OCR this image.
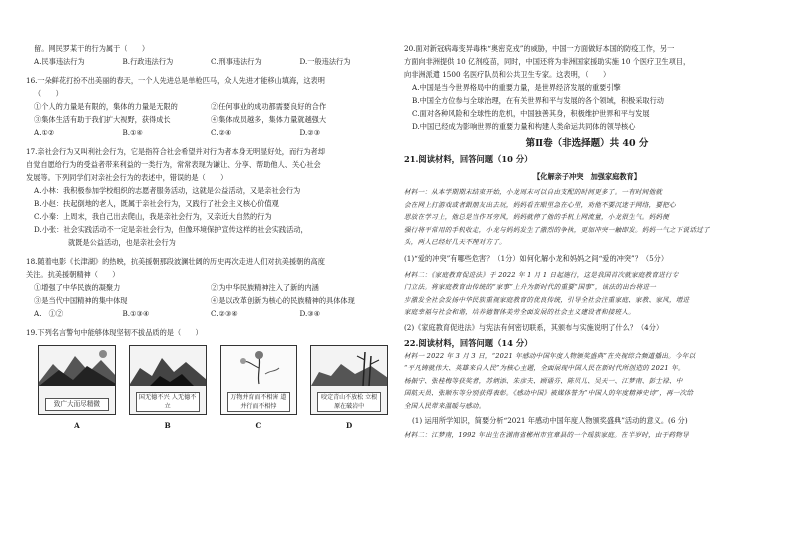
留。网民罗某干的行为属于（　　）
A.民事违法行为	B.行政违法行为	C.刑事违法行为	D.一般违法行为
16.一朵鲜花打扮不出美丽的春天，一个人先进总是单枪匹马，众人先进才能移山填海，这表明
（　　）
①个人的力量是有限的，集体的力量是无限的	②任何事业的成功都需要良好的合作
③集体生活有助于我们扩大视野，获得成长	④集体成员越多，集体力量就越强大
A.①②	B.①④	C.②④	D.②③
17.亲社会行为又叫利社会行为，它是指符合社会希望并对行为者本身无明显好处，而行为者却
自觉自愿给行为的受益者带来利益的一类行为，常常表现为谦让、分享、帮助他人、关心社会
发展等。下列同学们对亲社会行为的表述中，错误的是（　　）
A.小林：我积极参加学校组织的志愿者服务活动，这就是公益活动，又是亲社会行为
B.小赵：扶起倒地的老人，既属于亲社会行为，又践行了社会主义核心价值观
C.小秦：上周末，我自己出去爬山，我是亲社会行为，又亲近大自然的行为
D.小张：社会实践活动不一定是亲社会行为，但像环境保护宣传这样的社会实践活动，
就既是公益活动，也是亲社会行为
18.随着电影《长津湖》的热映，抗美援朝那段波澜壮阔的历史再次走进人们对抗美援朝的高度
关注。抗美援朝精神（　　）
①增强了中华民族的凝聚力	②为中华民族精神注入了新的内涵
③是当代中国精神的集中体现	④是以改革创新为核心的民族精神的具体体现
A.　①②	B.①③④	C.②③④	D.③④
19.下列名言警句中能够体现坚韧不拔品质的是（　　）
致广大而尽精微
国无德不兴 人无德不立
万物并育而不相害 道并行而不相悖
咬定青山不放松 立根原在破岩中
A	B	C	D
20.面对新冠病毒变异毒株“奥密克戎”的威胁，中国一方面做好本国的防疫工作，另一
方面向非洲提供 10 亿剂疫苗，同时，中国还将为非洲国家援助实施 10 个医疗卫生项目，
向非洲派遣 1500 名医疗队员和公共卫生专家。这表明，（　　）
A.中国是当今世界格局中的重要力量，是世界经济发展的重要引擎
B.中国全方位参与全球治理，在有关世界和平与发展的各个领域，积极采取行动
C.面对各种风险和全球性的危机，中国独善其身，积极维护世界和平与发展
D.中国已经成为影响世界的重要力量和构建人类命运共同体的领导核心
第Ⅱ卷（非选择题）共 40 分
21.阅读材料，回答问题（10 分）
【化解亲子冲突　加强家庭教育】
材料一：从本学期期末结束开始，小龙周末可以自由支配的时间更多了。一有时间他就
会在网上打游戏或者跟朋友出去玩，妈妈看在眼里急在心里，劝他不要沉迷于网络，要把心
思放在学习上，他总是当作耳旁风，妈妈就停了他的手机上网流量，小龙很生气。妈妈便
强行将平常用的手机收走，小龙与妈妈发生了激烈的争执，更加冲突一触即发。妈妈一气之下说话过了
头，两人已经好几天不理对方了。
(1)“爱的冲突”有哪些危害？（1分）如何化解小龙和妈妈之间“爱的冲突”？（5分）
材料二：《家庭教育促进法》于 2022 年 1 月 1 日起施行，这是我国首次就家庭教育进行专
门立法。将家庭教育由传统的“家事”上升为新时代的重要“国事”，该法的出台将进一
步激发全社会发扬中华民族重视家庭教育的优良传统，引导全社会注重家庭、家教、家风，增进
家庭幸福与社会和谐，培养德智体美劳全面发展的社会主义建设者和接班人。
(2)《家庭教育促进法》与宪法有何密切联系，其颁布与实施说明了什么？（4分）
22.阅读材料，回答问题（14 分）
材料一 2022 年 3 月 3 日，“2021 年感动中国年度人物颁奖盛典”在央视综合频道播出。今年以
“平凡铸就伟大、英雄来自人民”为核心主题，全面展现中国人民在新时代所创造的 2021 年。
杨振宁、张桂梅等获奖者，苏炳添、朱彦夫、顾诵芬、陈贝儿、吴天一、江梦南、彭士禄、中
国航天员、张顺东等分别获得表彰。《感动中国》被媒体誉为“中国人的年度精神史诗”，再一次给
全国人民带来温暖与感动。
(1) 运用所学知识，简要分析“2021 年感动中国年度人物颁奖盛典”活动的意义。(6 分)
材料二：江梦南，1992 年出生在湖南省郴州市宜章县的一个瑶族家庭。在半岁时，由于药物导
